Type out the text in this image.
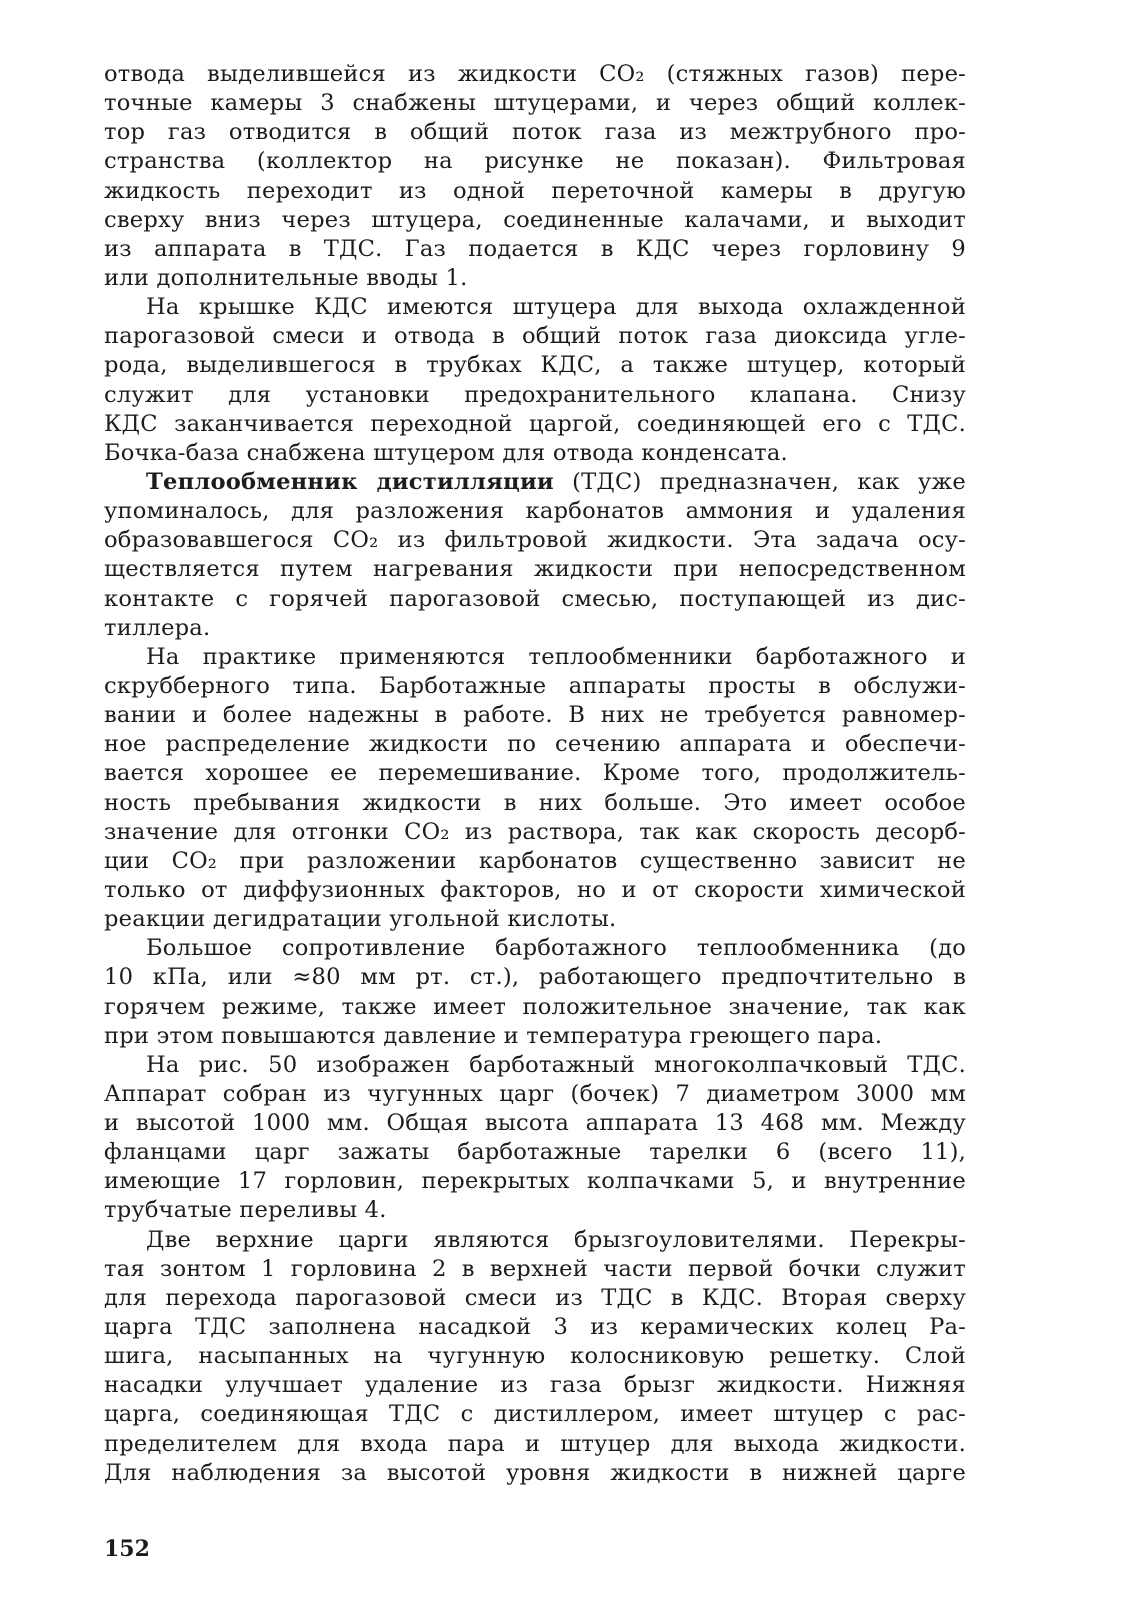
отвода выделившейся из жидкости СО₂ (стяжных газов) пере-
точные камеры 3 снабжены штуцерами, и через общий коллек-
тор газ отводится в общий поток газа из межтрубного про-
странства (коллектор на рисунке не показан). Фильтровая
жидкость переходит из одной переточной камеры в другую
сверху вниз через штуцера, соединенные калачами, и выходит
из аппарата в ТДС. Газ подается в КДС через горловину 9
или дополнительные вводы 1.
На крышке КДС имеются штуцера для выхода охлажденной
парогазовой смеси и отвода в общий поток газа диоксида угле-
рода, выделившегося в трубках КДС, а также штуцер, который
служит для установки предохранительного клапана. Снизу
КДС заканчивается переходной царгой, соединяющей его с ТДС.
Бочка-база снабжена штуцером для отвода конденсата.
Теплообменник дистилляции (ТДС) предназначен, как уже
упоминалось, для разложения карбонатов аммония и удаления
образовавшегося СО₂ из фильтровой жидкости. Эта задача осу-
ществляется путем нагревания жидкости при непосредственном
контакте с горячей парогазовой смесью, поступающей из дис-
тиллера.
На практике применяются теплообменники барботажного и
скрубберного типа. Барботажные аппараты просты в обслужи-
вании и более надежны в работе. В них не требуется равномер-
ное распределение жидкости по сечению аппарата и обеспечи-
вается хорошее ее перемешивание. Кроме того, продолжитель-
ность пребывания жидкости в них больше. Это имеет особое
значение для отгонки СО₂ из раствора, так как скорость десорб-
ции СО₂ при разложении карбонатов существенно зависит не
только от диффузионных факторов, но и от скорости химической
реакции дегидратации угольной кислоты.
Большое сопротивление барботажного теплообменника (до
10 кПа, или ≈80 мм рт. ст.), работающего предпочтительно в
горячем режиме, также имеет положительное значение, так как
при этом повышаются давление и температура греющего пара.
На рис. 50 изображен барботажный многоколпачковый ТДС.
Аппарат собран из чугунных царг (бочек) 7 диаметром 3000 мм
и высотой 1000 мм. Общая высота аппарата 13 468 мм. Между
фланцами царг зажаты барботажные тарелки 6 (всего 11),
имеющие 17 горловин, перекрытых колпачками 5, и внутренние
трубчатые переливы 4.
Две верхние царги являются брызгоуловителями. Перекры-
тая зонтом 1 горловина 2 в верхней части первой бочки служит
для перехода парогазовой смеси из ТДС в КДС. Вторая сверху
царга ТДС заполнена насадкой 3 из керамических колец Ра-
шига, насыпанных на чугунную колосниковую решетку. Слой
насадки улучшает удаление из газа брызг жидкости. Нижняя
царга, соединяющая ТДС с дистиллером, имеет штуцер с рас-
пределителем для входа пара и штуцер для выхода жидкости.
Для наблюдения за высотой уровня жидкости в нижней царге
152
